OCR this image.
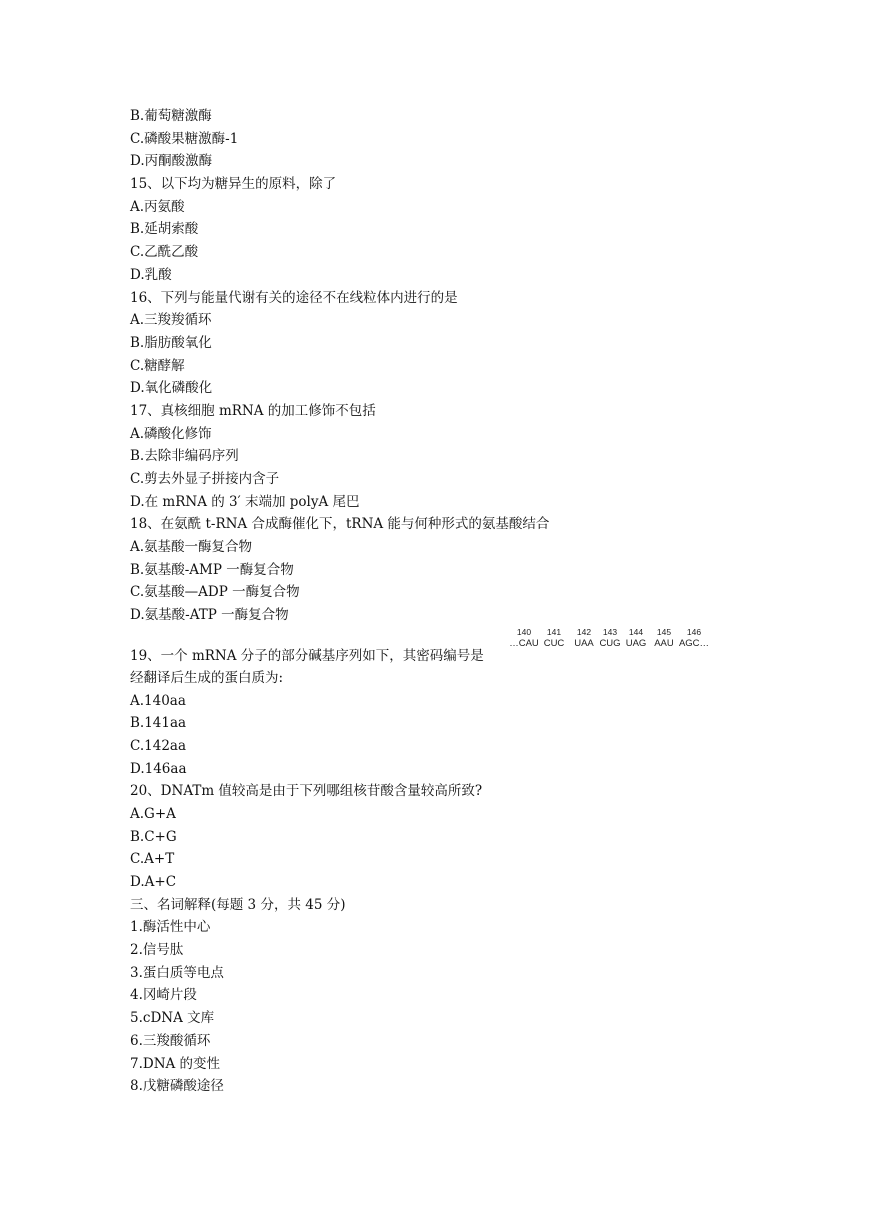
B.葡萄糖激酶
C.磷酸果糖激酶-1
D.丙酮酸激酶
15、以下均为糖异生的原料，除了
A.丙氨酸
B.延胡索酸
C.乙酰乙酸
D.乳酸
16、下列与能量代谢有关的途径不在线粒体内进行的是
A.三羧羧循环
B.脂肪酸氧化
C.糖酵解
D.氧化磷酸化
17、真核细胞 mRNA 的加工修饰不包括
A.磷酸化修饰
B.去除非编码序列
C.剪去外显子拼接内含子
D.在 mRNA 的 3′ 末端加 polyA 尾巴
18、在氨酰 t-RNA 合成酶催化下，tRNA 能与何种形式的氨基酸结合
A.氨基酸一酶复合物
B.氨基酸-AMP 一酶复合物
C.氨基酸—ADP 一酶复合物
D.氨基酸-ATP 一酶复合物
19、一个 mRNA 分子的部分碱基序列如下，其密码编号是
140
…CAU
141
CUC
142
UAA
143
CUG
144
UAG
145
AAU
146
AGC…
经翻译后生成的蛋白质为:
A.140aa
B.141aa
C.142aa
D.146aa
20、DNATm 值较高是由于下列哪组核苷酸含量较高所致?
A.G+A
B.C+G
C.A+T
D.A+C
三、名词解释(每题 3 分，共 45 分)
1.酶活性中心
2.信号肽
3.蛋白质等电点
4.冈崎片段
5.cDNA 文库
6.三羧酸循环
7.DNA 的变性
8.戊糖磷酸途径
